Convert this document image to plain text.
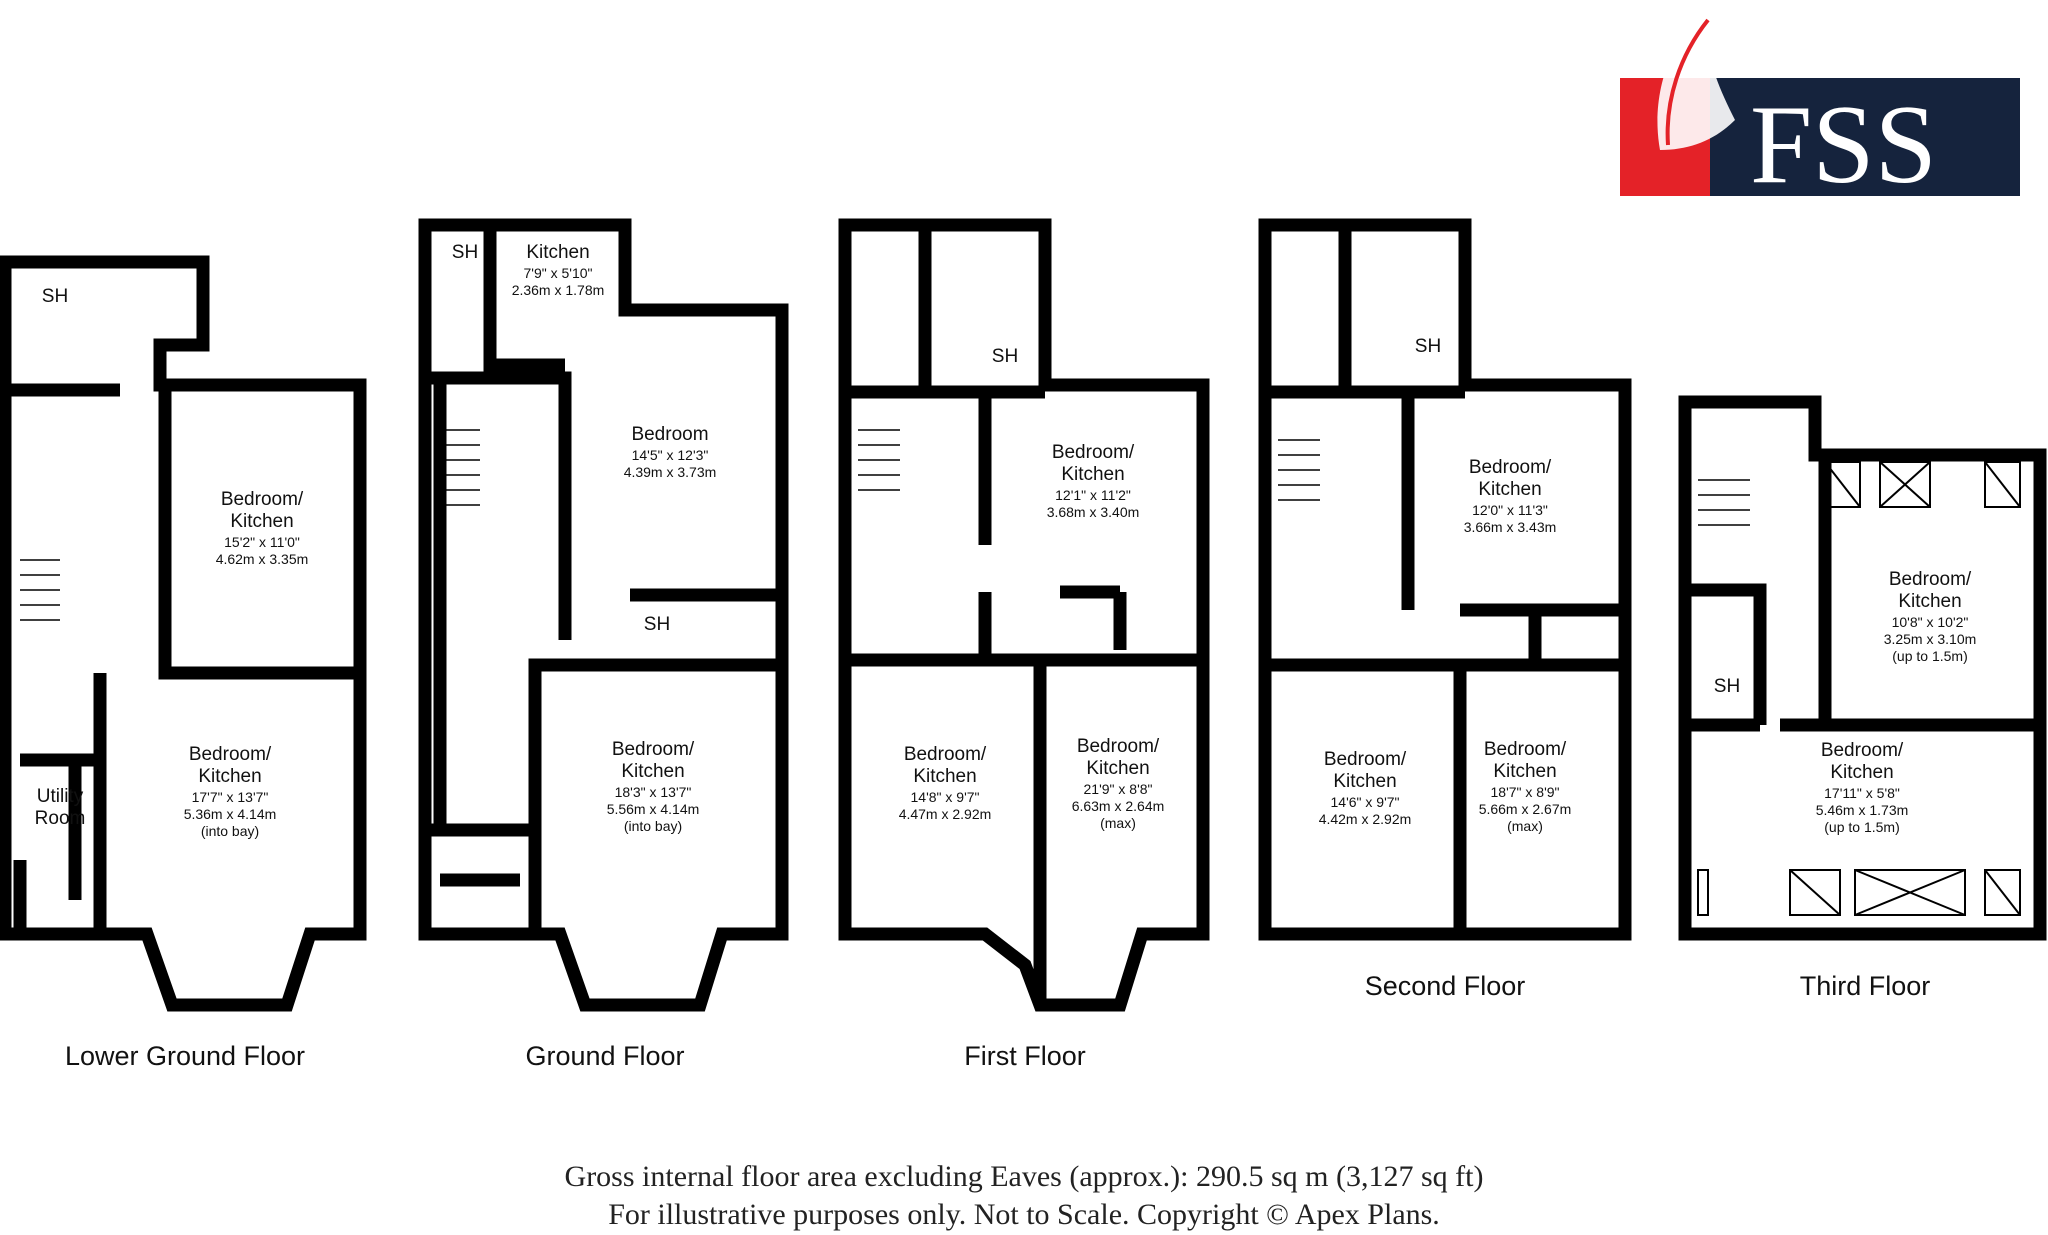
FSS
Lower Ground Floor
SH
Bedroom/
Kitchen
15'2" x 11'0"
4.62m x 3.35m
Utility
Room
Bedroom/
Kitchen
17'7" x 13'7"
5.36m x 4.14m
(into bay)
Ground Floor
SH	Kitchen
7'9" x 5'10"
2.36m x 1.78m
Bedroom
14'5" x 12'3"
4.39m x 3.73m
SH
Bedroom/
Kitchen
18'3" x 13'7"
5.56m x 4.14m
(into bay)
First Floor
SH
Bedroom/
Kitchen
12'1" x 11'2"
3.68m x 3.40m
Bedroom/
Kitchen
14'8" x 9'7"
4.47m x 2.92m
Bedroom/
Kitchen
21'9" x 8'8"
6.63m x 2.64m
(max)
Second Floor
SH
Bedroom/
Kitchen
12'0" x 11'3"
3.66m x 3.43m
Bedroom/
Kitchen
14'6" x 9'7"
4.42m x 2.92m
Bedroom/
Kitchen
18'7" x 8'9"
5.66m x 2.67m
(max)
Third Floor
Bedroom/
Kitchen
10'8" x 10'2"
3.25m x 3.10m
(up to 1.5m)
SH
Bedroom/
Kitchen
17'11" x 5'8"
5.46m x 1.73m
(up to 1.5m)
Gross internal floor area excluding Eaves (approx.): 290.5 sq m (3,127 sq ft)
For illustrative purposes only. Not to Scale. Copyright © Apex Plans.
